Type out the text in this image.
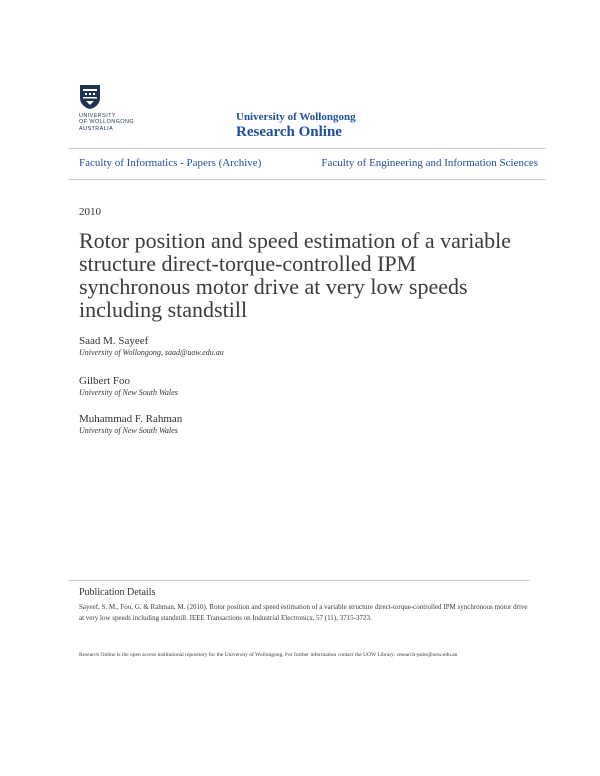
UNIVERSITY
OF WOLLONGONG
AUSTRALIA
University of Wollongong
Research Online
Faculty of Informatics - Papers (Archive)	Faculty of Engineering and Information Sciences
2010
Rotor position and speed estimation of a variable structure direct-torque-controlled IPM synchronous motor drive at very low speeds including standstill
Saad M. Sayeef
University of Wollongong, saad@uow.edu.au
Gilbert Foo
University of New South Wales
Muhammad F. Rahman
University of New South Wales
Publication Details
Sayeef, S. M., Foo, G. & Rahman, M. (2010). Rotor position and speed estimation of a variable structure direct-torque-controlled IPM synchronous motor drive at very low speeds including standstill. IEEE Transactions on Industrial Electronics, 57 (11), 3715-3723.
Research Online is the open access institutional repository for the University of Wollongong. For further information contact the UOW Library: research-pubs@uow.edu.au
